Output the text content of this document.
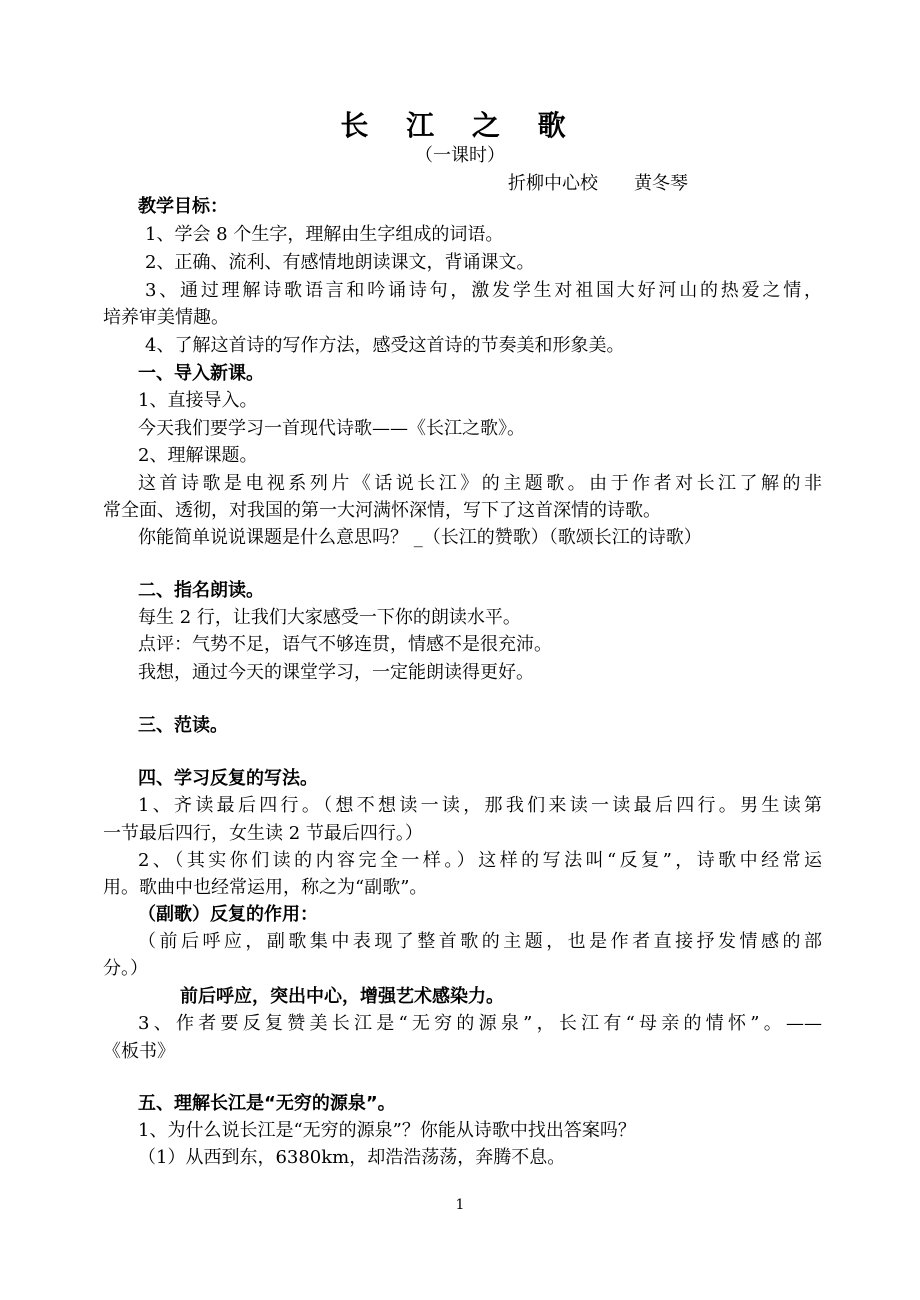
长 江 之 歌
（一课时）
折柳中心校　　黄冬琴
教学目标：
1、学会 8 个生字，理解由生字组成的词语。
2、正确、流利、有感情地朗读课文，背诵课文。
3、通过理解诗歌语言和吟诵诗句，激发学生对祖国大好河山的热爱之情，
培养审美情趣。
4、了解这首诗的写作方法，感受这首诗的节奏美和形象美。
一、导入新课。
1、直接导入。
今天我们要学习一首现代诗歌——《长江之歌》。
2、理解课题。
这首诗歌是电视系列片《话说长江》的主题歌。由于作者对长江了解的非
常全面、透彻，对我国的第一大河满怀深情，写下了这首深情的诗歌。
你能简单说说课题是什么意思吗？ _（长江的赞歌）（歌颂长江的诗歌）
二、指名朗读。
每生 2 行，让我们大家感受一下你的朗读水平。
点评：气势不足，语气不够连贯，情感不是很充沛。
我想，通过今天的课堂学习，一定能朗读得更好。
三、范读。
四、学习反复的写法。
1、齐读最后四行。（想不想读一读，那我们来读一读最后四行。男生读第
一节最后四行，女生读 2 节最后四行。）
2、（其实你们读的内容完全一样。）这样的写法叫“反复”，诗歌中经常运
用。歌曲中也经常运用，称之为“副歌”。
（副歌）反复的作用：
（前后呼应，副歌集中表现了整首歌的主题，也是作者直接抒发情感的部
分。）
前后呼应，突出中心，增强艺术感染力。
3、作者要反复赞美长江是“无穷的源泉”，长江有“母亲的情怀”。——
《板书》
五、理解长江是“无穷的源泉”。
1、为什么说长江是“无穷的源泉”？你能从诗歌中找出答案吗？
（1）从西到东，6380km，却浩浩荡荡，奔腾不息。
1
